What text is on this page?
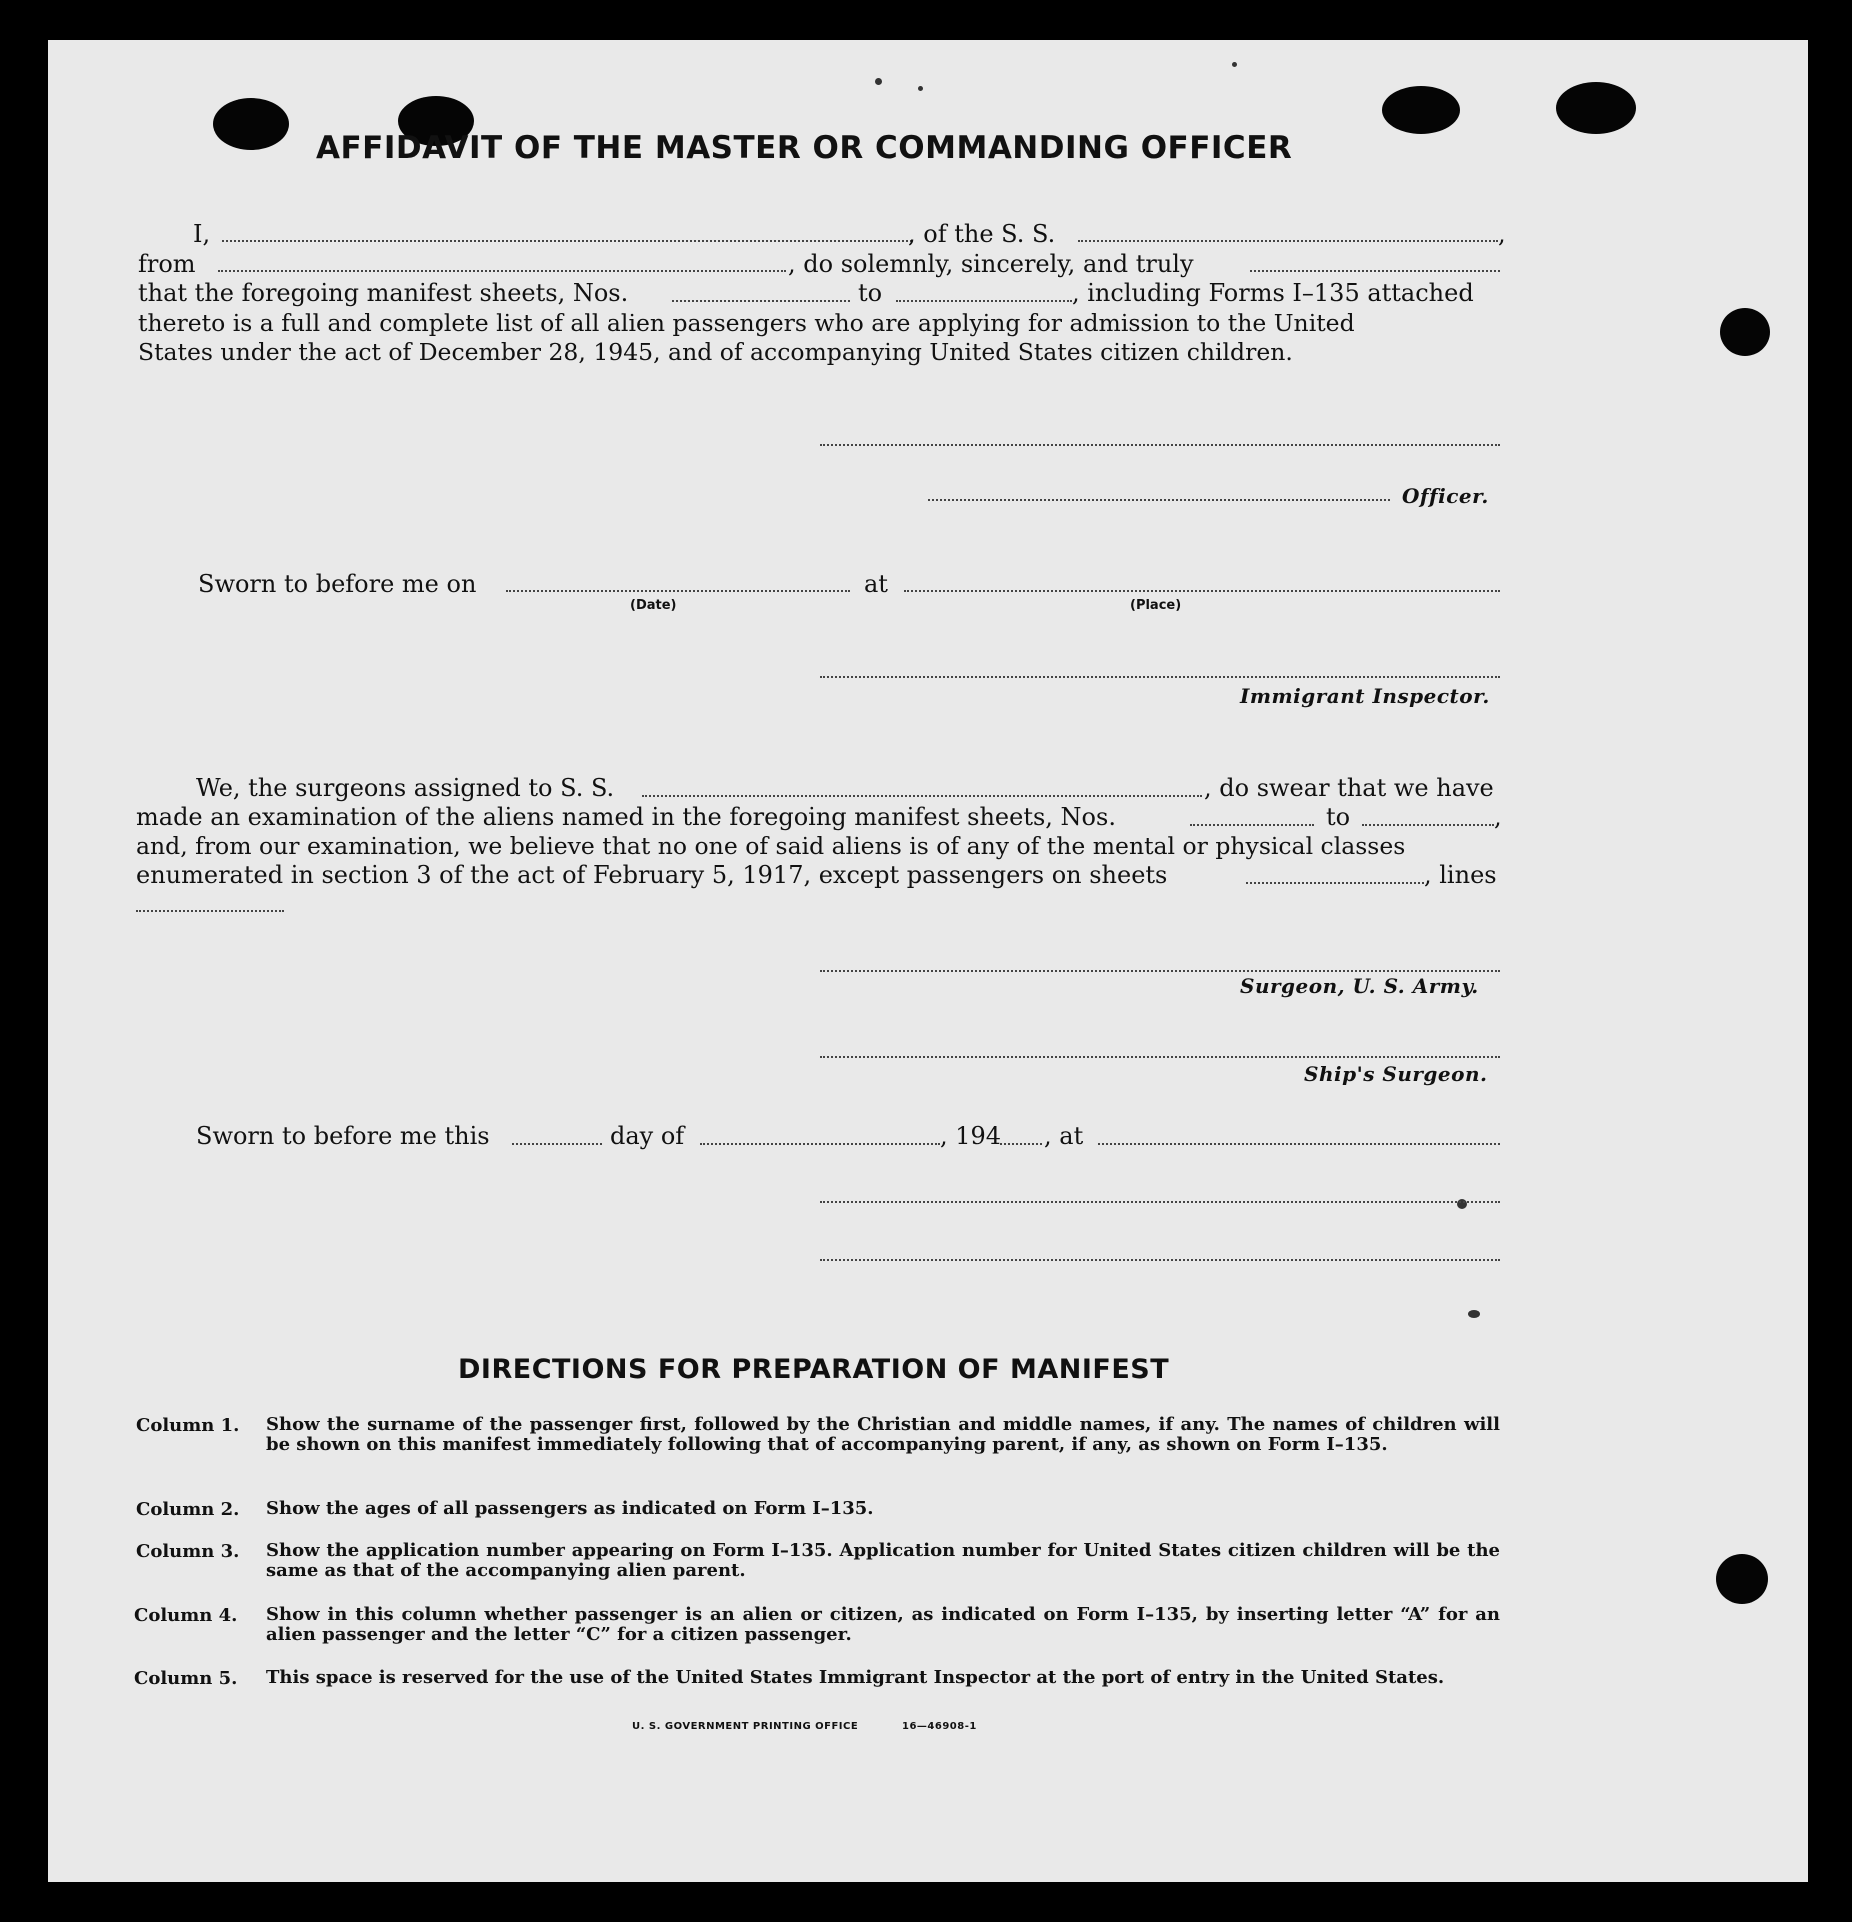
AFFIDAVIT OF THE MASTER OR COMMANDING OFFICER
I,	, of the S. S.	,
from	, do solemnly, sincerely, and truly
that the foregoing manifest sheets, Nos.	to	, including Forms I–135 attached
thereto is a full and complete list of all alien passengers who are applying for admission to the United
States under the act of December 28, 1945, and of accompanying United States citizen children.
Officer.
Sworn to before me on	at
(Date)	(Place)
Immigrant Inspector.
We, the surgeons assigned to S. S.	, do swear that we have
made an examination of the aliens named in the foregoing manifest sheets, Nos.	to	,
and, from our examination, we believe that no one of said aliens is of any of the mental or physical classes
enumerated in section 3 of the act of February 5, 1917, except passengers on sheets	, lines
Surgeon, U. S. Army.
Ship's Surgeon.
Sworn to before me this	day of	, 194 , at
DIRECTIONS FOR PREPARATION OF MANIFEST
Column 1. Show the surname of the passenger first, followed by the Christian and middle names, if any. The names of children will be shown on this manifest immediately following that of accompanying parent, if any, as shown on Form I–135.
Column 2. Show the ages of all passengers as indicated on Form I–135.
Column 3. Show the application number appearing on Form I–135. Application number for United States citizen children will be the same as that of the accompanying alien parent.
Column 4. Show in this column whether passenger is an alien or citizen, as indicated on Form I–135, by inserting letter “A” for an alien passenger and the letter “C” for a citizen passenger.
Column 5. This space is reserved for the use of the United States Immigrant Inspector at the port of entry in the United States.
U. S. GOVERNMENT PRINTING OFFICE	16—46908-1
